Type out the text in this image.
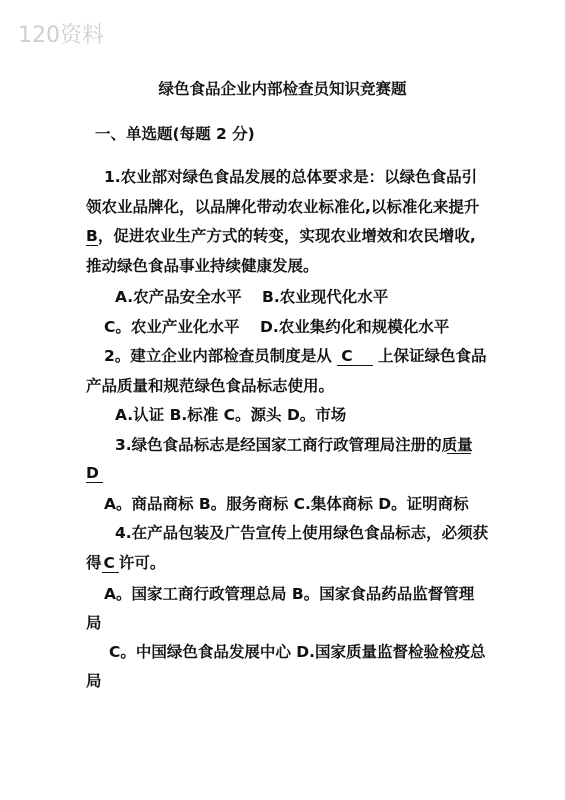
120资料
绿色食品企业内部检查员知识竞赛题
一、单选题(每题 2 分)
1.农业部对绿色食品发展的总体要求是：以绿色食品引
领农业品牌化，以品牌化带动农业标准化,以标准化来提升
B，促进农业生产方式的转变，实现农业增效和农民增收,
推动绿色食品事业持续健康发展。
A.农产品安全水平 B.农业现代化水平
C。农业产业化水平 D.农业集约化和规模化水平
2。建立企业内部检查员制度是从 C  上保证绿色食品
产品质量和规范绿色食品标志使用。
A.认证 B.标准 C。源头 D。市场
3.绿色食品标志是经国家工商行政管理局注册的质量
D
A。商品商标 B。服务商标 C.集体商标 D。证明商标
4.在产品包装及广告宣传上使用绿色食品标志，必须获
得 C 许可。
A。国家工商行政管理总局 B。国家食品药品监督管理
局
C。中国绿色食品发展中心 D.国家质量监督检验检疫总
局
